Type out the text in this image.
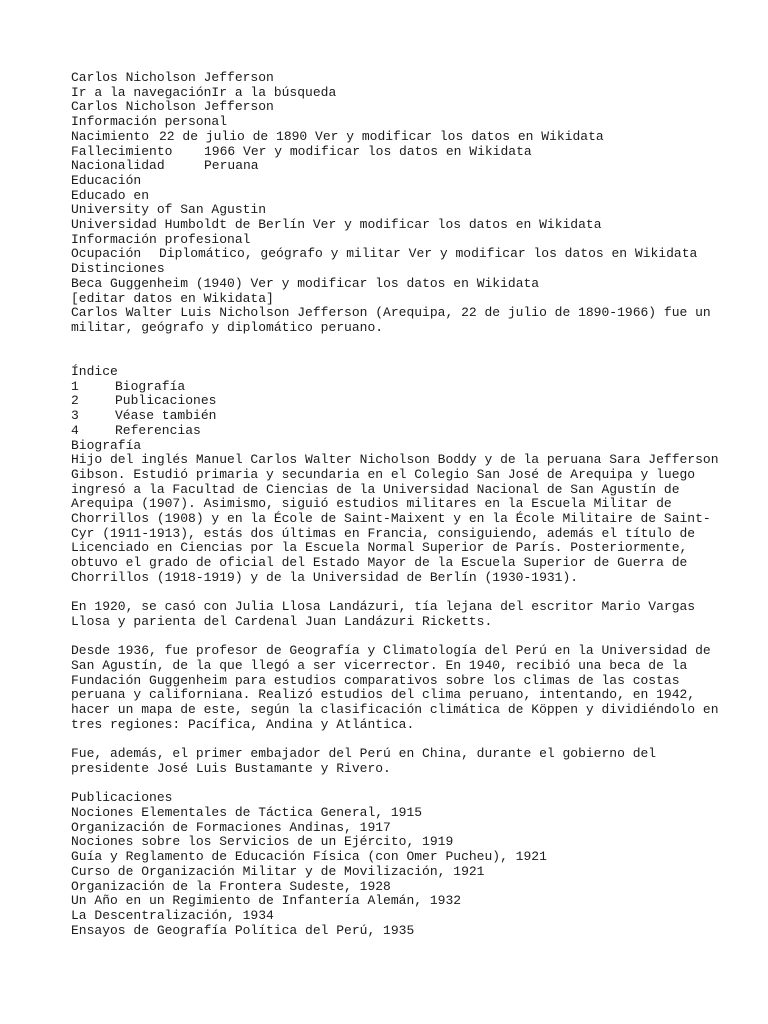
Carlos Nicholson Jefferson
Ir a la navegaciónIr a la búsqueda
Carlos Nicholson Jefferson
Información personal
Nacimiento 22 de julio de 1890 Ver y modificar los datos en Wikidata
Fallecimiento 1966 Ver y modificar los datos en Wikidata
Nacionalidad	Peruana
Educación
Educado en
University of San Agustin
Universidad Humboldt de Berlín Ver y modificar los datos en Wikidata
Información profesional
Ocupación Diplomático, geógrafo y militar Ver y modificar los datos en Wikidata
Distinciones
Beca Guggenheim (1940) Ver y modificar los datos en Wikidata
[editar datos en Wikidata]
Carlos Walter Luis Nicholson Jefferson (Arequipa, 22 de julio de 1890-1966) fue un
militar, geógrafo y diplomático peruano.
Índice
1	Biografía
2	Publicaciones
3	Véase también
4	Referencias
Biografía
Hijo del inglés Manuel Carlos Walter Nicholson Boddy y de la peruana Sara Jefferson
Gibson. Estudió primaria y secundaria en el Colegio San José de Arequipa y luego
ingresó a la Facultad de Ciencias de la Universidad Nacional de San Agustín de
Arequipa (1907). Asimismo, siguió estudios militares en la Escuela Militar de
Chorrillos (1908) y en la École de Saint-Maixent y en la École Militaire de Saint-
Cyr (1911-1913), estás dos últimas en Francia, consiguiendo, además el título de
Licenciado en Ciencias por la Escuela Normal Superior de París. Posteriormente,
obtuvo el grado de oficial del Estado Mayor de la Escuela Superior de Guerra de
Chorrillos (1918-1919) y de la Universidad de Berlín (1930-1931).
En 1920, se casó con Julia Llosa Landázuri, tía lejana del escritor Mario Vargas
Llosa y parienta del Cardenal Juan Landázuri Ricketts.
Desde 1936, fue profesor de Geografía y Climatología del Perú en la Universidad de
San Agustín, de la que llegó a ser vicerrector. En 1940, recibió una beca de la
Fundación Guggenheim para estudios comparativos sobre los climas de las costas
peruana y californiana. Realizó estudios del clima peruano, intentando, en 1942,
hacer un mapa de este, según la clasificación climática de Köppen y dividiéndolo en
tres regiones: Pacífica, Andina y Atlántica.
Fue, además, el primer embajador del Perú en China, durante el gobierno del
presidente José Luis Bustamante y Rivero.
Publicaciones
Nociones Elementales de Táctica General, 1915
Organización de Formaciones Andinas, 1917
Nociones sobre los Servicios de un Ejército, 1919
Guía y Reglamento de Educación Física (con Omer Pucheu), 1921
Curso de Organización Militar y de Movilización, 1921
Organización de la Frontera Sudeste, 1928
Un Año en un Regimiento de Infantería Alemán, 1932
La Descentralización, 1934
Ensayos de Geografía Política del Perú, 1935
